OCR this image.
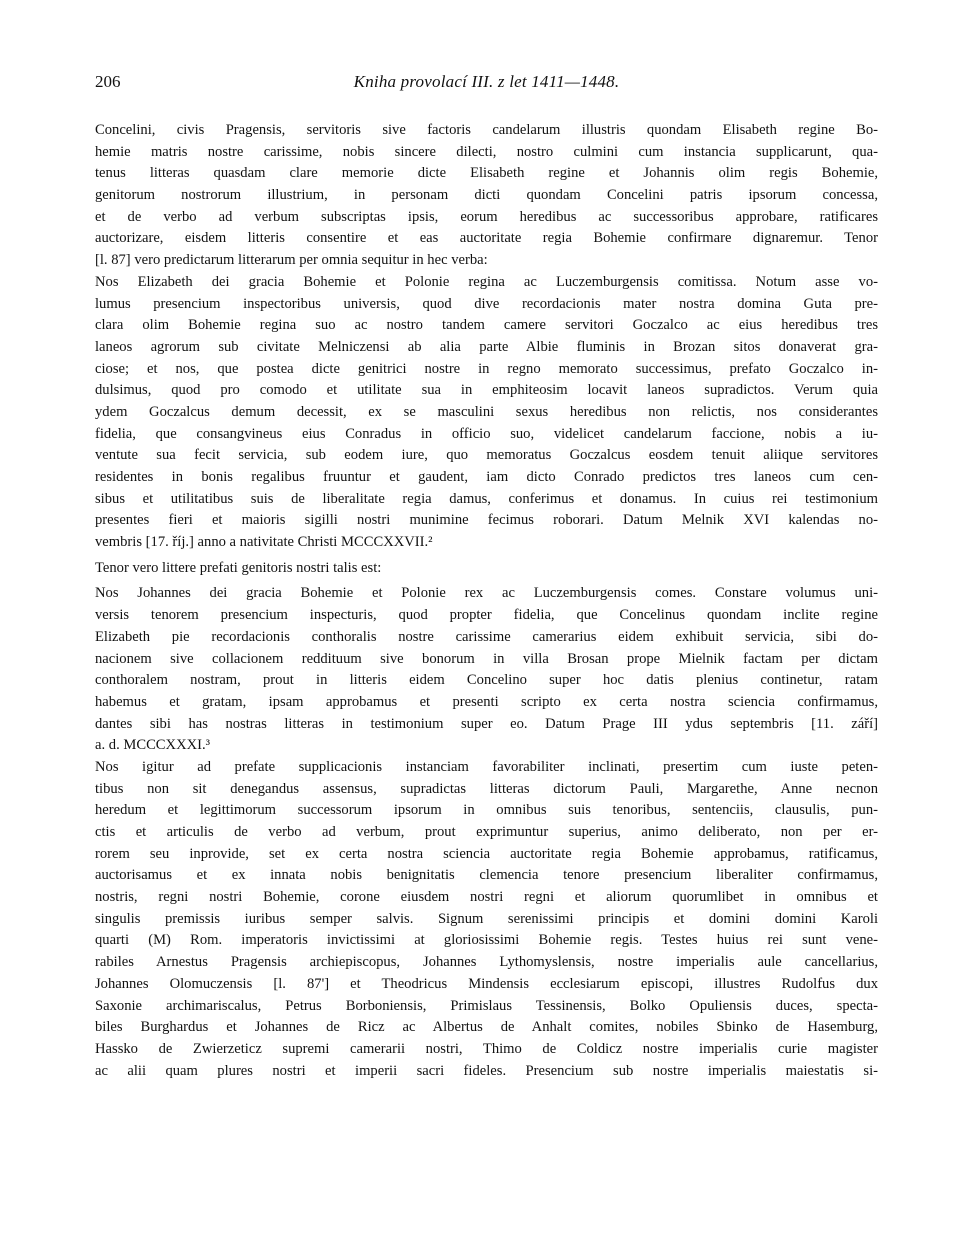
206	Kniha provolací III. z let 1411—1448.
Concelini, civis Pragensis, servitoris sive factoris candelarum illustris quondam Elisabeth regine Bo-
hemie matris nostre carissime, nobis sincere dilecti, nostro culmini cum instancia supplicarunt, qua-
tenus litteras quasdam clare memorie dicte Elisabeth regine et Johannis olim regis Bohemie,
genitorum nostrorum illustrium, in personam dicti quondam Concelini patris ipsorum concessa,
et de verbo ad verbum subscriptas ipsis, eorum heredibus ac successoribus approbare, ratificares
auctorizare, eisdem litteris consentire et eas auctoritate regia Bohemie confirmare dignaremur. Tenor
[l. 87] vero predictarum litterarum per omnia sequitur in hec verba:
Nos Elizabeth dei gracia Bohemie et Polonie regina ac Luczemburgensis comitissa. Notum asse vo-
lumus presencium inspectoribus universis, quod dive recordacionis mater nostra domina Guta pre-
clara olim Bohemie regina suo ac nostro tandem camere servitori Goczalco ac eius heredibus tres
laneos agrorum sub civitate Melniczensi ab alia parte Albie fluminis in Brozan sitos donaverat gra-
ciose; et nos, que postea dicte genitrici nostre in regno memorato successimus, prefato Goczalco in-
dulsimus, quod pro comodo et utilitate sua in emphiteosim locavit laneos supradictos. Verum quia
ydem Goczalcus demum decessit, ex se masculini sexus heredibus non relictis, nos considerantes
fidelia, que consangvineus eius Conradus in officio suo, videlicet candelarum faccione, nobis a iu-
ventute sua fecit servicia, sub eodem iure, quo memoratus Goczalcus eosdem tenuit aliique servitores
residentes in bonis regalibus fruuntur et gaudent, iam dicto Conrado predictos tres laneos cum cen-
sibus et utilitatibus suis de liberalitate regia damus, conferimus et donamus. In cuius rei testimonium
presentes fieri et maioris sigilli nostri munimine fecimus roborari. Datum Melnik XVI kalendas no-
vembris [17. říj.] anno a nativitate Christi MCCCXXVII.²
Tenor vero littere prefati genitoris nostri talis est:
Nos Johannes dei gracia Bohemie et Polonie rex ac Luczemburgensis comes. Constare volumus uni-
versis tenorem presencium inspecturis, quod propter fidelia, que Concelinus quondam inclite regine
Elizabeth pie recordacionis conthoralis nostre carissime camerarius eidem exhibuit servicia, sibi do-
nacionem sive collacionem reddituum sive bonorum in villa Brosan prope Mielnik factam per dictam
conthoralem nostram, prout in litteris eidem Concelino super hoc datis plenius continetur, ratam
habemus et gratam, ipsam approbamus et presenti scripto ex certa nostra sciencia confirmamus,
dantes sibi has nostras litteras in testimonium super eo. Datum Prage III ydus septembris [11. září]
a. d. MCCCXXXI.³
Nos igitur ad prefate supplicacionis instanciam favorabiliter inclinati, presertim cum iuste peten-
tibus non sit denegandus assensus, supradictas litteras dictorum Pauli, Margarethe, Anne necnon
heredum et legittimorum successorum ipsorum in omnibus suis tenoribus, sentenciis, clausulis, pun-
ctis et articulis de verbo ad verbum, prout exprimuntur superius, animo deliberato, non per er-
rorem seu inprovide, set ex certa nostra sciencia auctoritate regia Bohemie approbamus, ratificamus,
auctorisamus et ex innata nobis benignitatis clemencia tenore presencium liberaliter confirmamus,
nostris, regni nostri Bohemie, corone eiusdem nostri regni et aliorum quorumlibet in omnibus et
singulis premissis iuribus semper salvis. Signum serenissimi principis et domini domini Karoli
quarti (M) Rom. imperatoris invictissimi at gloriosissimi Bohemie regis. Testes huius rei sunt vene-
rabiles Arnestus Pragensis archiepiscopus, Johannes Lythomyslensis, nostre imperialis aule cancellarius,
Johannes Olomuczensis [l. 87'] et Theodricus Mindensis ecclesiarum episcopi, illustres Rudolfus dux
Saxonie archimariscalus, Petrus Borboniensis, Primislaus Tessinensis, Bolko Opuliensis duces, specta-
biles Burghardus et Johannes de Ricz ac Albertus de Anhalt comites, nobiles Sbinko de Hasemburg,
Hassko de Zwierzeticz supremi camerarii nostri, Thimo de Coldicz nostre imperialis curie magister
ac alii quam plures nostri et imperii sacri fideles. Presencium sub nostre imperialis maiestatis si-
